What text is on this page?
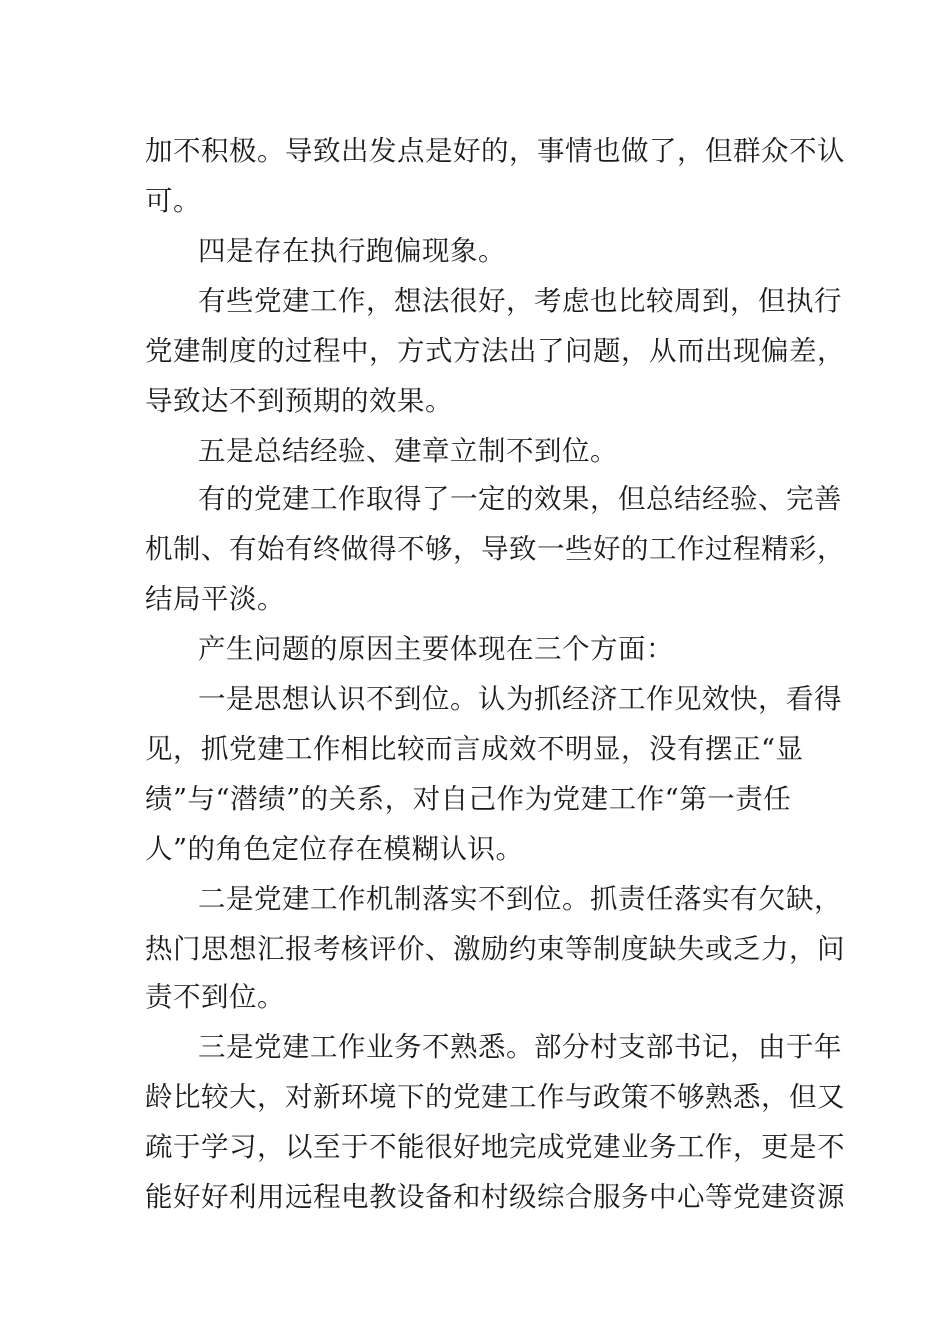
加不积极。导致出发点是好的，事情也做了，但群众不认
可。
四是存在执行跑偏现象。
有些党建工作，想法很好，考虑也比较周到，但执行
党建制度的过程中，方式方法出了问题，从而出现偏差，
导致达不到预期的效果。
五是总结经验、建章立制不到位。
有的党建工作取得了一定的效果，但总结经验、完善
机制、有始有终做得不够，导致一些好的工作过程精彩，
结局平淡。
产生问题的原因主要体现在三个方面：
一是思想认识不到位。认为抓经济工作见效快，看得
见，抓党建工作相比较而言成效不明显，没有摆正“显
绩”与“潜绩”的关系，对自己作为党建工作“第一责任
人”的角色定位存在模糊认识。
二是党建工作机制落实不到位。抓责任落实有欠缺，
热门思想汇报考核评价、激励约束等制度缺失或乏力，问
责不到位。
三是党建工作业务不熟悉。部分村支部书记，由于年
龄比较大，对新环境下的党建工作与政策不够熟悉，但又
疏于学习，以至于不能很好地完成党建业务工作，更是不
能好好利用远程电教设备和村级综合服务中心等党建资源
